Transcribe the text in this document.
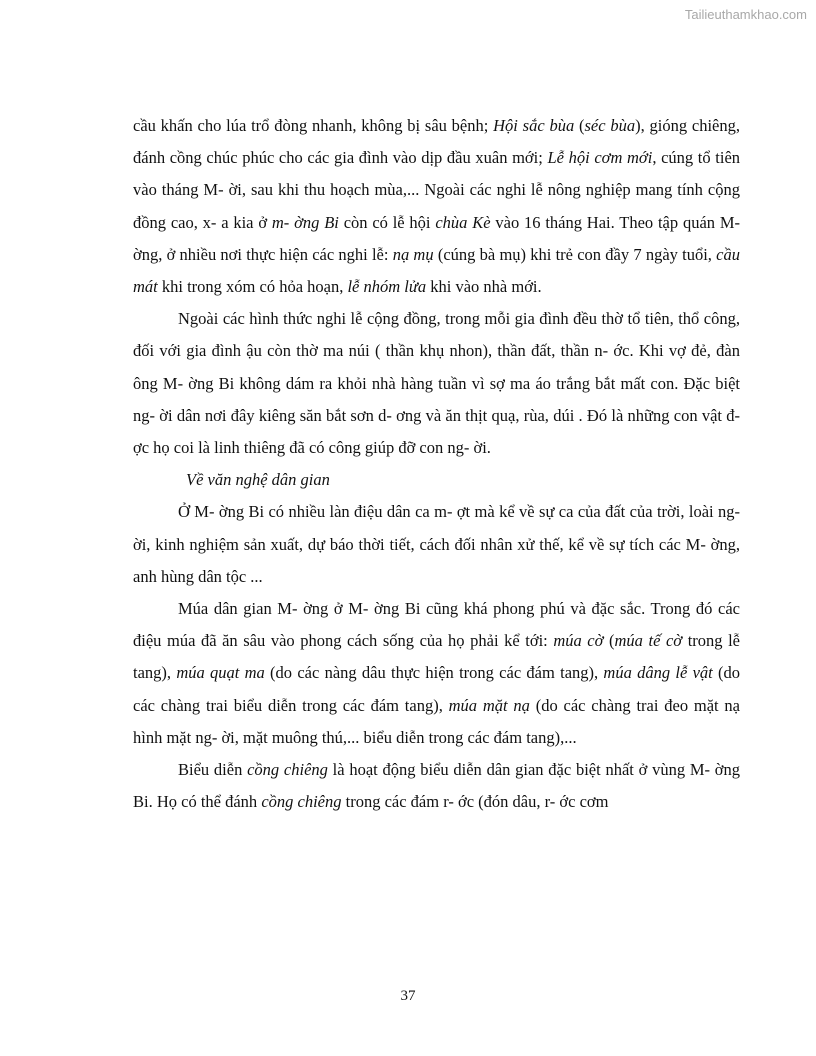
Tailieuthamkhao.com

cầu khấn cho lúa trổ đòng nhanh, không bị sâu bệnh; Hội sắc bùa (séc bùa), gióng chiêng, đánh cồng chúc phúc cho các gia đình vào dịp đầu xuân mới; Lễ hội cơm mới, cúng tổ tiên vào tháng M- ời, sau khi thu hoạch mùa,... Ngoài các nghi lễ nông nghiệp mang tính cộng đồng cao, x- a kia ở m- ờng Bi còn có lễ hội chùa Kè vào 16 tháng Hai. Theo tập quán M- ờng, ở nhiều nơi thực hiện các nghi lễ: nạ mụ (cúng bà mụ) khi trẻ con đầy 7 ngày tuổi, cầu mát khi trong xóm có hỏa hoạn, lễ nhóm lửa khi vào nhà mới.

Ngoài các hình thức nghi lễ cộng đồng, trong mỗi gia đình đều thờ tổ tiên, thổ công, đối với gia đình ậu còn thờ ma núi ( thần khụ nhon), thần đất, thần n- ớc. Khi vợ đẻ, đàn ông M- ờng Bi không dám ra khỏi nhà hàng tuần vì sợ ma áo trắng bắt mất con. Đặc biệt ng- ời dân nơi đây kiêng săn bắt sơn d- ơng và ăn thịt quạ, rùa, dúi . Đó là những con vật đ- ợc họ coi là linh thiêng đã có công giúp đỡ con ng- ời.

Về văn nghệ dân gian

Ở M- ờng Bi có nhiều làn điệu dân ca m- ợt mà kể về sự ca của đất của trời, loài ng- ời, kinh nghiệm sản xuất, dự báo thời tiết, cách đối nhân xử thế, kể về sự tích các M- ờng, anh hùng dân tộc ...

Múa dân gian M- ờng ở M- ờng Bi cũng khá phong phú và đặc sắc. Trong đó các điệu múa đã ăn sâu vào phong cách sống của họ phải kể tới: múa cờ (múa tế cờ trong lễ tang), múa quạt ma (do các nàng dâu thực hiện trong các đám tang), múa dâng lễ vật (do các chàng trai biểu diễn trong các đám tang), múa mặt nạ (do các chàng trai đeo mặt nạ hình mặt ng- ời, mặt muông thú,... biểu diễn trong các đám tang),...

Biểu diễn cồng chiêng là hoạt động biểu diễn dân gian đặc biệt nhất ở vùng M- ờng Bi. Họ có thể đánh cồng chiêng trong các đám r- ớc (đón dâu, r- ớc cơm

37
